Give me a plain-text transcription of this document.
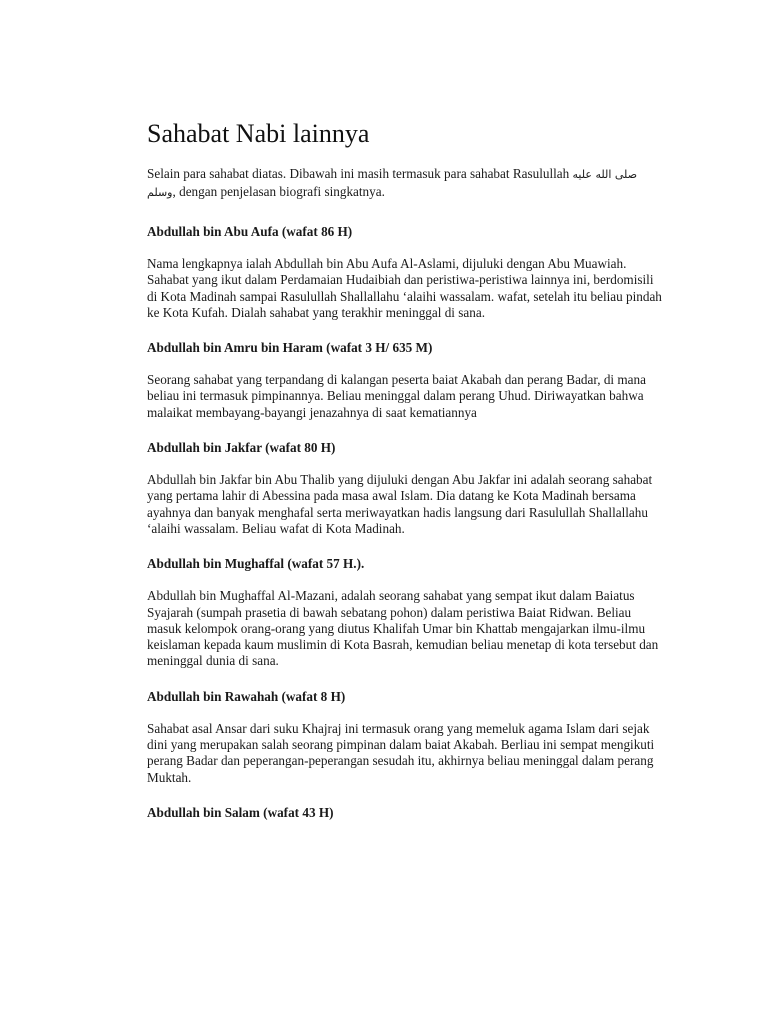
Sahabat Nabi lainnya

Selain para sahabat diatas. Dibawah ini masih termasuk para sahabat Rasulullah صلى الله عليه وسلم, dengan penjelasan biografi singkatnya.

Abdullah bin Abu Aufa (wafat 86 H)

Nama lengkapnya ialah Abdullah bin Abu Aufa Al-Aslami, dijuluki dengan Abu Muawiah. Sahabat yang ikut dalam Perdamaian Hudaibiah dan peristiwa-peristiwa lainnya ini, berdomisili di Kota Madinah sampai Rasulullah Shallallahu ‘alaihi wassalam. wafat, setelah itu beliau pindah ke Kota Kufah. Dialah sahabat yang terakhir meninggal di sana.

Abdullah bin Amru bin Haram (wafat 3 H/ 635 M)

Seorang sahabat yang terpandang di kalangan peserta baiat Akabah dan perang Badar, di mana beliau ini termasuk pimpinannya. Beliau meninggal dalam perang Uhud. Diriwayatkan bahwa malaikat membayang-bayangi jenazahnya di saat kematiannya

Abdullah bin Jakfar (wafat 80 H)

Abdullah bin Jakfar bin Abu Thalib yang dijuluki dengan Abu Jakfar ini adalah seorang sahabat yang pertama lahir di Abessina pada masa awal Islam. Dia datang ke Kota Madinah bersama ayahnya dan banyak menghafal serta meriwayatkan hadis langsung dari Rasulullah Shallallahu ‘alaihi wassalam. Beliau wafat di Kota Madinah.

Abdullah bin Mughaffal (wafat 57 H.).

Abdullah bin Mughaffal Al-Mazani, adalah seorang sahabat yang sempat ikut dalam Baiatus Syajarah (sumpah prasetia di bawah sebatang pohon) dalam peristiwa Baiat Ridwan. Beliau masuk kelompok orang-orang yang diutus Khalifah Umar bin Khattab mengajarkan ilmu-ilmu keislaman kepada kaum muslimin di Kota Basrah, kemudian beliau menetap di kota tersebut dan meninggal dunia di sana.

Abdullah bin Rawahah (wafat 8 H)

Sahabat asal Ansar dari suku Khajraj ini termasuk orang yang memeluk agama Islam dari sejak dini yang merupakan salah seorang pimpinan dalam baiat Akabah. Berliau ini sempat mengikuti perang Badar dan peperangan-peperangan sesudah itu, akhirnya beliau meninggal dalam perang Muktah.

Abdullah bin Salam (wafat 43 H)
